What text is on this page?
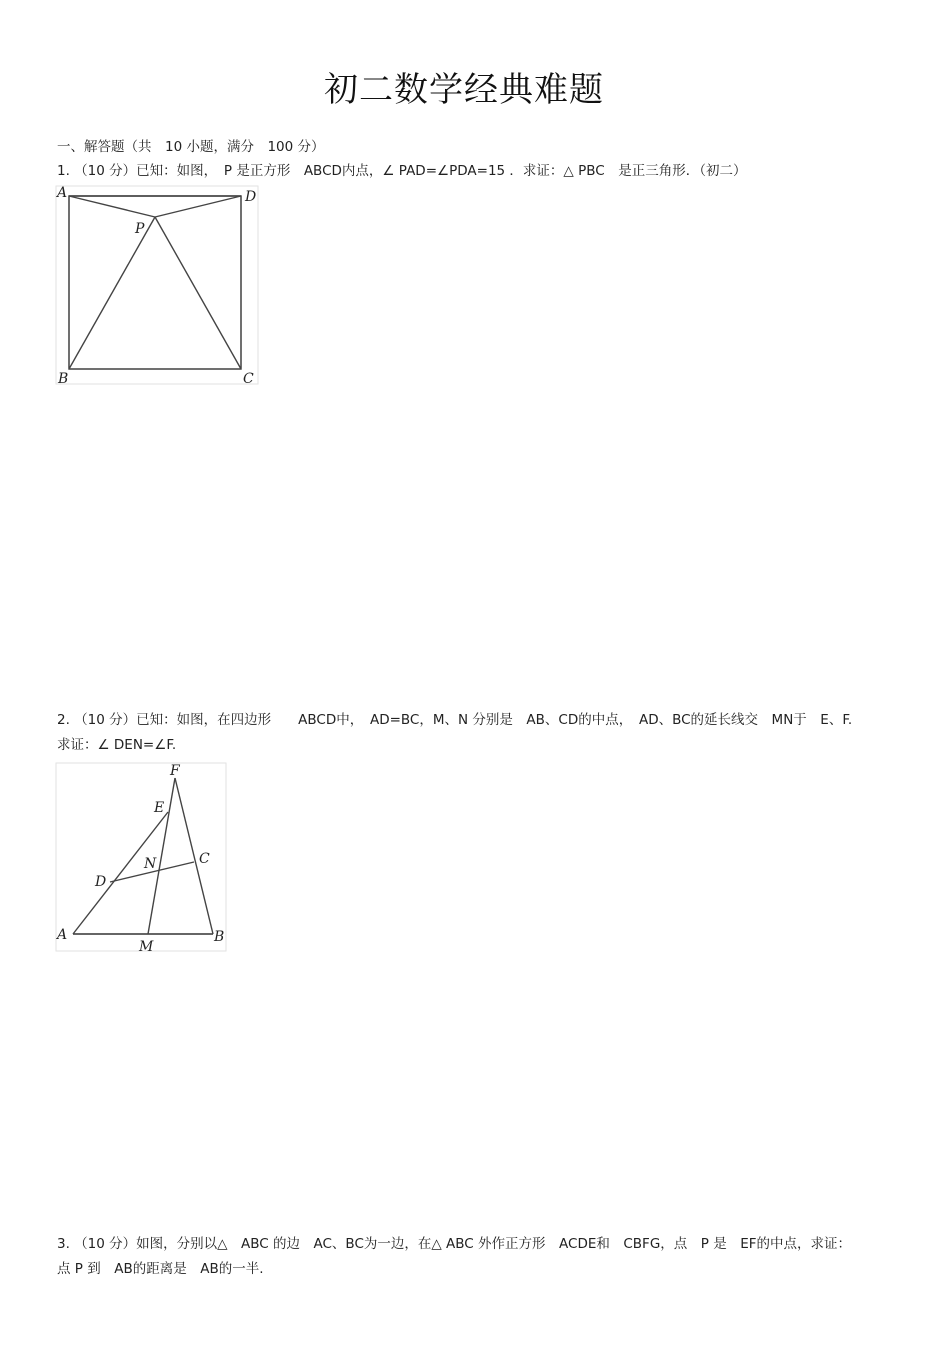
初二数学经典难题
一、解答题（共　10 小题，满分　100 分）
1. （10 分）已知：如图，　P 是正方形　ABCD内点，∠ PAD=∠PDA=15 ．求证：△ PBC　是正三角形．（初二）
A	D
P
B	C
2. （10 分）已知：如图，在四边形　　ABCD中，　AD=BC，M、N 分别是　AB、CD的中点，　AD、BC的延长线交　MN于　E、F.
求证：∠ DEN=∠F.
F
E
N	C
D
A
M
B
3. （10 分）如图，分别以△　ABC 的边　AC、BC为一边，在△ ABC 外作正方形　ACDE和　CBFG，点　P 是　EF的中点，求证：
点 P 到　AB的距离是　AB的一半.
